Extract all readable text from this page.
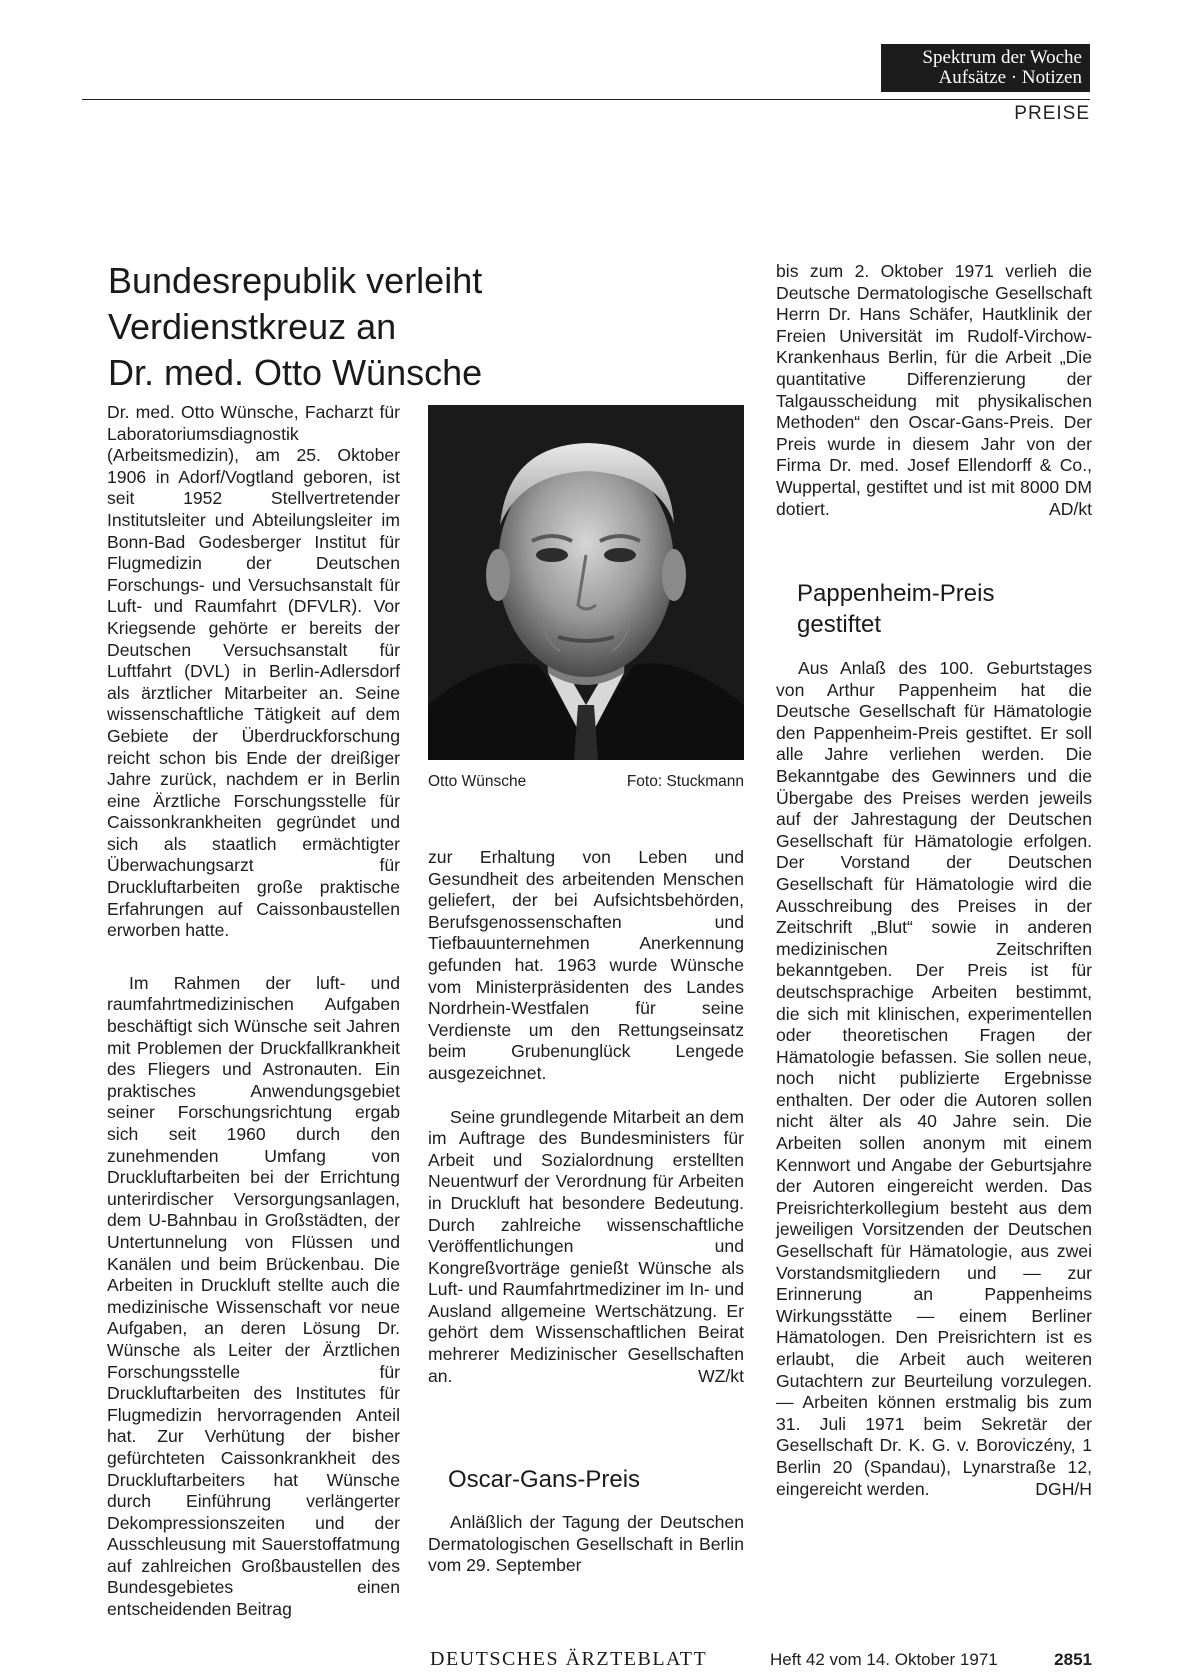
Spektrum der Woche
Aufsätze · Notizen
PREISE
Bundesrepublik verleiht
Verdienstkreuz an
Dr. med. Otto Wünsche

Dr. med. Otto Wünsche, Facharzt für Laboratoriumsdiagnostik (Arbeitsmedizin), am 25. Oktober 1906 in Adorf/Vogtland geboren, ist seit 1952 Stellvertretender Institutsleiter und Abteilungsleiter im Bonn-Bad Godesberger Institut für Flugmedizin der Deutschen Forschungs- und Versuchsanstalt für Luft- und Raumfahrt (DFVLR). Vor Kriegsende gehörte er bereits der Deutschen Versuchsanstalt für Luftfahrt (DVL) in Berlin-Adlersdorf als ärztlicher Mitarbeiter an. Seine wissenschaftliche Tätigkeit auf dem Gebiete der Überdruckforschung reicht schon bis Ende der dreißiger Jahre zurück, nachdem er in Berlin eine Ärztliche Forschungsstelle für Caissonkrankheiten gegründet und sich als staatlich ermächtigter Überwachungsarzt für Druckluftarbeiten große praktische Erfahrungen auf Caissonbaustellen erworben hatte.

Im Rahmen der luft- und raumfahrtmedizinischen Aufgaben beschäftigt sich Wünsche seit Jahren mit Problemen der Druckfallkrankheit des Fliegers und Astronauten. Ein praktisches Anwendungsgebiet seiner Forschungsrichtung ergab sich seit 1960 durch den zunehmenden Umfang von Druckluftarbeiten bei der Errichtung unterirdischer Versorgungsanlagen, dem U-Bahnbau in Großstädten, der Untertunnelung von Flüssen und Kanälen und beim Brückenbau. Die Arbeiten in Druckluft stellte auch die medizinische Wissenschaft vor neue Aufgaben, an deren Lösung Dr. Wünsche als Leiter der Ärztlichen Forschungsstelle für Druckluftarbeiten des Institutes für Flugmedizin hervorragenden Anteil hat. Zur Verhütung der bisher gefürchteten Caissonkrankheit des Druckluftarbeiters hat Wünsche durch Einführung verlängerter Dekompressionszeiten und der Ausschleusung mit Sauerstoffatmung auf zahlreichen Großbaustellen des Bundesgebietes einen entscheidenden Beitrag

Otto Wünsche	Foto: Stuckmann

zur Erhaltung von Leben und Gesundheit des arbeitenden Menschen geliefert, der bei Aufsichtsbehörden, Berufsgenossenschaften und Tiefbauunternehmen Anerkennung gefunden hat. 1963 wurde Wünsche vom Ministerpräsidenten des Landes Nordrhein-Westfalen für seine Verdienste um den Rettungseinsatz beim Grubenunglück Lengede ausgezeichnet.

Seine grundlegende Mitarbeit an dem im Auftrage des Bundesministers für Arbeit und Sozialordnung erstellten Neuentwurf der Verordnung für Arbeiten in Druckluft hat besondere Bedeutung. Durch zahlreiche wissenschaftliche Veröffentlichungen und Kongreßvorträge genießt Wünsche als Luft- und Raumfahrtmediziner im In- und Ausland allgemeine Wertschätzung. Er gehört dem Wissenschaftlichen Beirat mehrerer Medizinischer Gesellschaften an.	WZ/kt

Oscar-Gans-Preis

Anläßlich der Tagung der Deutschen Dermatologischen Gesellschaft in Berlin vom 29. September

bis zum 2. Oktober 1971 verlieh die Deutsche Dermatologische Gesellschaft Herrn Dr. Hans Schäfer, Hautklinik der Freien Universität im Rudolf-Virchow-Krankenhaus Berlin, für die Arbeit „Die quantitative Differenzierung der Talgausscheidung mit physikalischen Methoden“ den Oscar-Gans-Preis. Der Preis wurde in diesem Jahr von der Firma Dr. med. Josef Ellendorff & Co., Wuppertal, gestiftet und ist mit 8000 DM dotiert.	AD/kt

Pappenheim-Preis
gestiftet

Aus Anlaß des 100. Geburtstages von Arthur Pappenheim hat die Deutsche Gesellschaft für Hämatologie den Pappenheim-Preis gestiftet. Er soll alle Jahre verliehen werden. Die Bekanntgabe des Gewinners und die Übergabe des Preises werden jeweils auf der Jahrestagung der Deutschen Gesellschaft für Hämatologie erfolgen. Der Vorstand der Deutschen Gesellschaft für Hämatologie wird die Ausschreibung des Preises in der Zeitschrift „Blut“ sowie in anderen medizinischen Zeitschriften bekanntgeben. Der Preis ist für deutschsprachige Arbeiten bestimmt, die sich mit klinischen, experimentellen oder theoretischen Fragen der Hämatologie befassen. Sie sollen neue, noch nicht publizierte Ergebnisse enthalten. Der oder die Autoren sollen nicht älter als 40 Jahre sein. Die Arbeiten sollen anonym mit einem Kennwort und Angabe der Geburtsjahre der Autoren eingereicht werden. Das Preisrichterkollegium besteht aus dem jeweiligen Vorsitzenden der Deutschen Gesellschaft für Hämatologie, aus zwei Vorstandsmitgliedern und — zur Erinnerung an Pappenheims Wirkungsstätte — einem Berliner Hämatologen. Den Preisrichtern ist es erlaubt, die Arbeit auch weiteren Gutachtern zur Beurteilung vorzulegen. — Arbeiten können erstmalig bis zum 31. Juli 1971 beim Sekretär der Gesellschaft Dr. K. G. v. Boroviczény, 1 Berlin 20 (Spandau), Lynarstraße 12, eingereicht werden.	DGH/H

DEUTSCHES ÄRZTEBLATT	Heft 42 vom 14. Oktober 1971	2851
